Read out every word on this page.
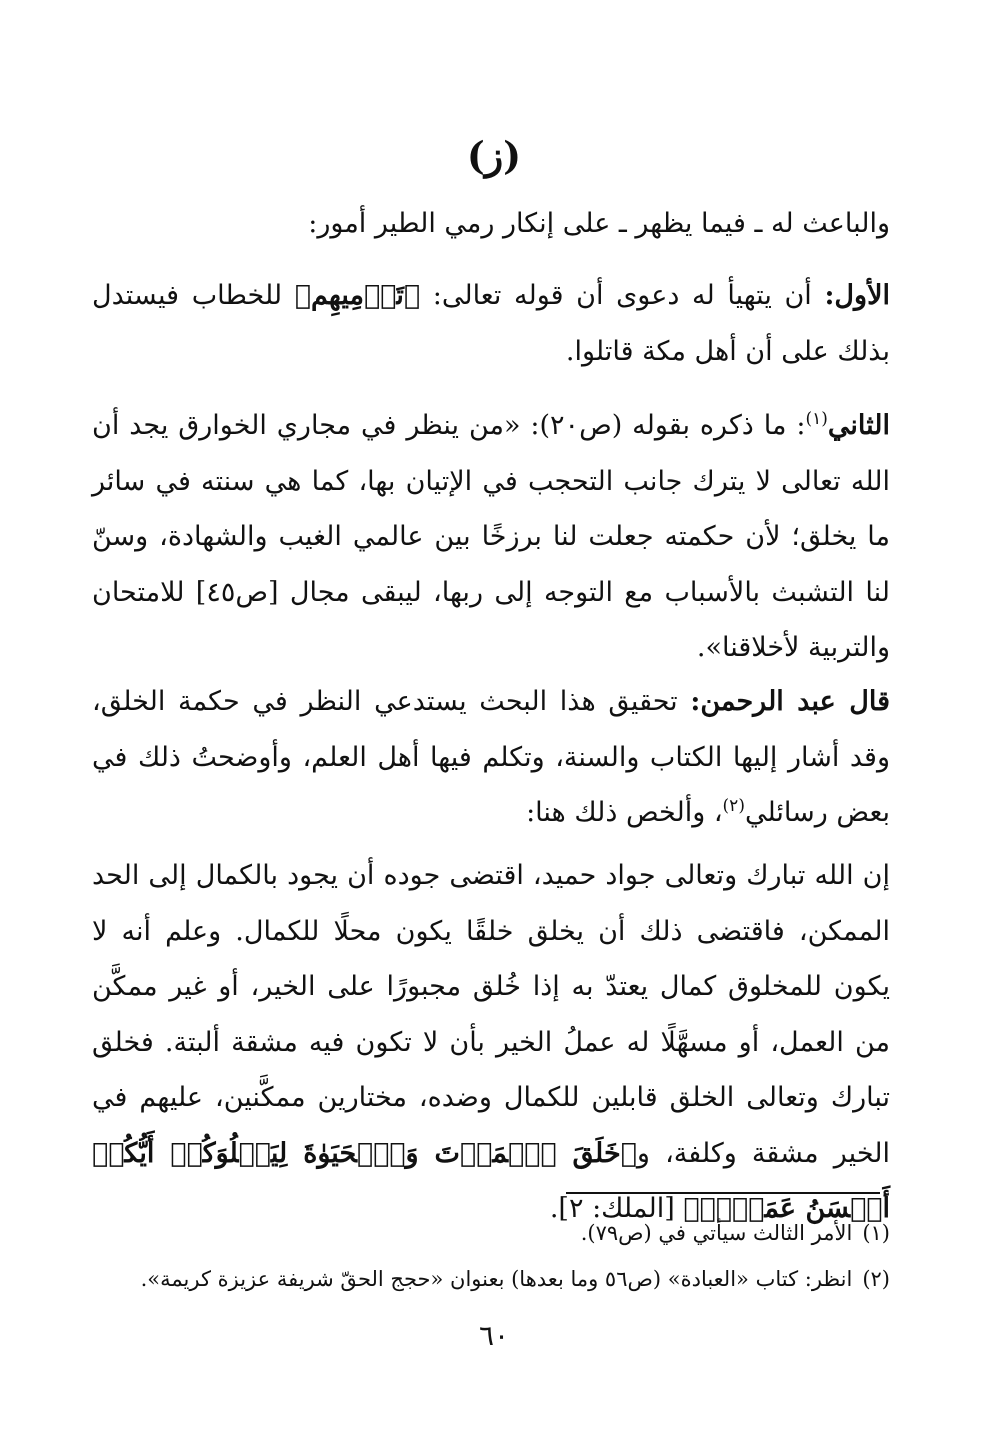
(ز)

والباعث له ـ فيما يظهر ـ على إنكار رمي الطير أمور:

الأول: أن يتهيأ له دعوى أن قوله تعالى: ﴿تَرۡمِيهِم﴾ للخطاب فيستدل بذلك على أن أهل مكة قاتلوا.

الثاني$^{(١)}$: ما ذكره بقوله (ص٢٠): «من ينظر في مجاري الخوارق يجد أن الله تعالى لا يترك جانب التحجب في الإتيان بها، كما هي سنته في سائر ما يخلق؛ لأن حكمته جعلت لنا برزخًا بين عالمي الغيب والشهادة، وسنّ لنا التشبث بالأسباب مع التوجه إلى ربها، ليبقى مجال [ص٤٥] للامتحان والتربية لأخلاقنا».

قال عبد الرحمن: تحقيق هذا البحث يستدعي النظر في حكمة الخلق، وقد أشار إليها الكتاب والسنة، وتكلم فيها أهل العلم، وأوضحتُ ذلك في بعض رسائلي$^{(٢)}$، وألخص ذلك هنا:

إن الله تبارك وتعالى جواد حميد، اقتضى جوده أن يجود بالكمال إلى الحد الممكن، فاقتضى ذلك أن يخلق خلقًا يكون محلًا للكمال. وعلم أنه لا يكون للمخلوق كمال يعتدّ به إذا خُلق مجبورًا على الخير، أو غير ممكَّن من العمل، أو مسهَّلًا له عملُ الخير بأن لا تكون فيه مشقة ألبتة. فخلق تبارك وتعالى الخلق قابلين للكمال وضده، مختارين ممكَّنين، عليهم في الخير مشقة وكلفة، و﴿خَلَقَ ٱلۡمَوۡتَ وَٱلۡحَيَوٰةَ لِيَبۡلُوَكُمۡ أَيُّكُمۡ أَحۡسَنُ عَمَلٗاۚ﴾ [الملك: ٢].

(١)الأمر الثالث سيأتي في (ص٧٩).

(٢)انظر: كتاب «العبادة» (ص٥٦ وما بعدها) بعنوان «حجج الحقّ شريفة عزيزة كريمة».

٦٠
